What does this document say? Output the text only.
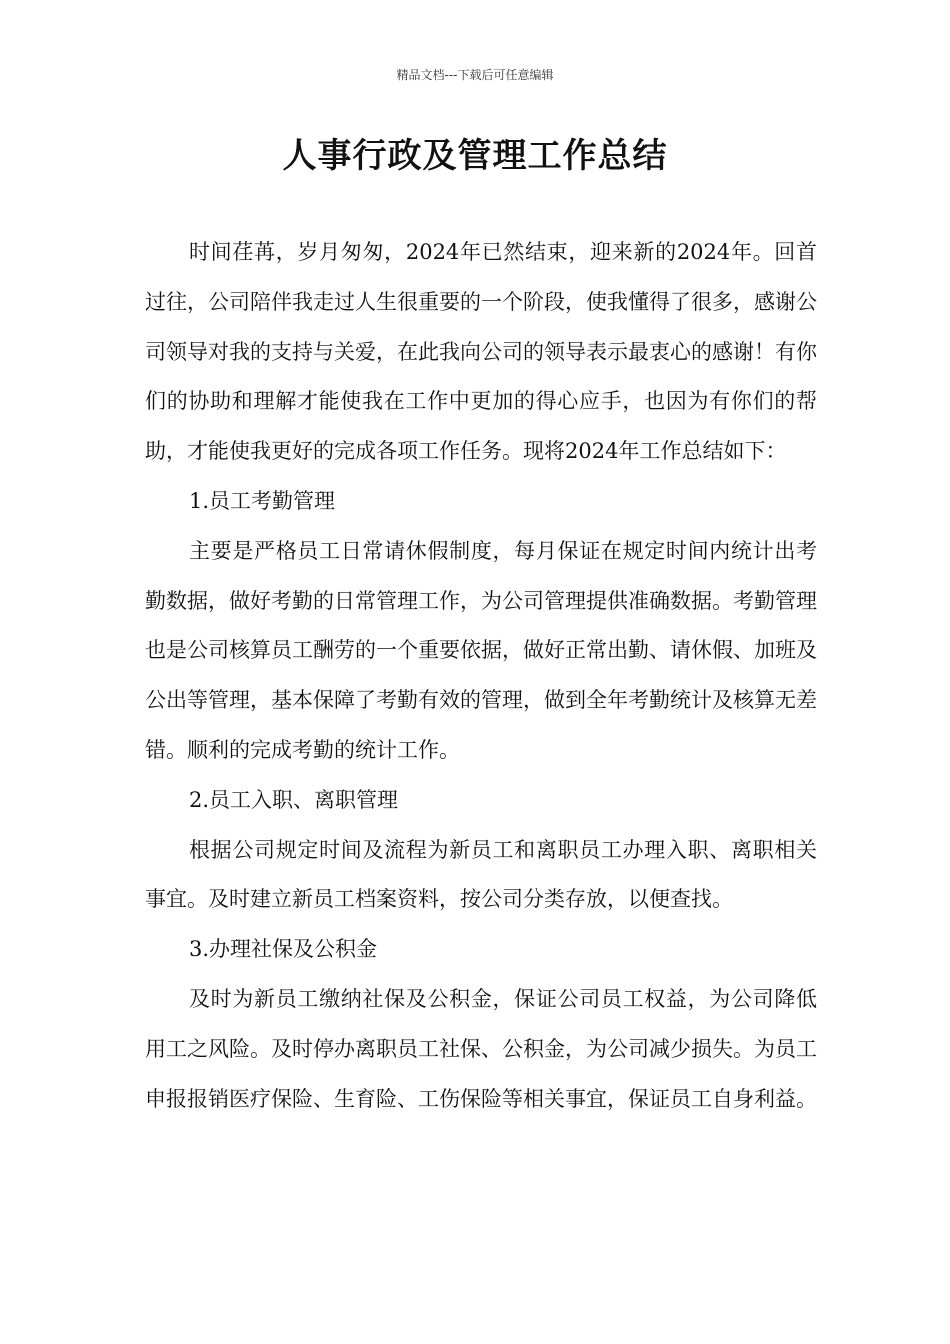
精品文档---下载后可任意编辑
人事行政及管理工作总结

时间荏苒，岁月匆匆，2024年已然结束，迎来新的2024年。回首过往，公司陪伴我走过人生很重要的一个阶段，使我懂得了很多，感谢公司领导对我的支持与关爱，在此我向公司的领导表示最衷心的感谢！有你们的协助和理解才能使我在工作中更加的得心应手，也因为有你们的帮助，才能使我更好的完成各项工作任务。现将2024年工作总结如下：

1.员工考勤管理

主要是严格员工日常请休假制度，每月保证在规定时间内统计出考勤数据，做好考勤的日常管理工作，为公司管理提供准确数据。考勤管理也是公司核算员工酬劳的一个重要依据，做好正常出勤、请休假、加班及公出等管理，基本保障了考勤有效的管理，做到全年考勤统计及核算无差错。顺利的完成考勤的统计工作。

2.员工入职、离职管理

根据公司规定时间及流程为新员工和离职员工办理入职、离职相关事宜。及时建立新员工档案资料，按公司分类存放，以便查找。

3.办理社保及公积金

及时为新员工缴纳社保及公积金，保证公司员工权益，为公司降低用工之风险。及时停办离职员工社保、公积金，为公司减少损失。为员工申报报销医疗保险、生育险、工伤保险等相关事宜，保证员工自身利益。
